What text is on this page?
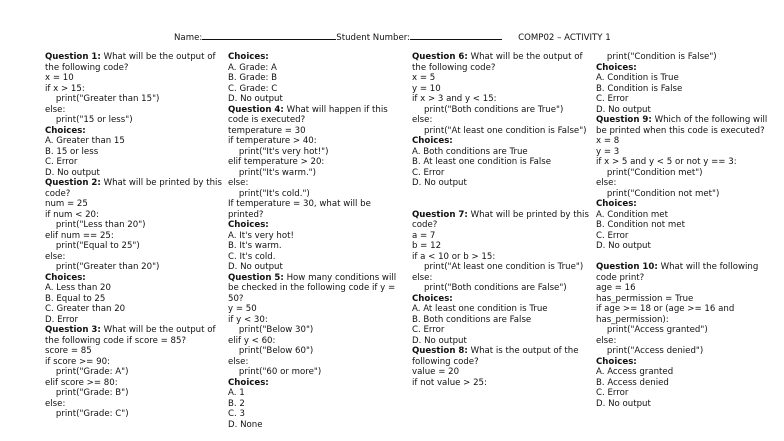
Name:	Student Number:	COMP02 – ACTIVITY 1
Question 1: What will be the output of the following code?
x = 10
if x > 15:
print("Greater than 15")
else:
print("15 or less")
Choices:
A. Greater than 15
B. 15 or less
C. Error
D. No output
Question 2: What will be printed by this code?
num = 25
if num < 20:
print("Less than 20")
elif num == 25:
print("Equal to 25")
else:
print("Greater than 20")
Choices:
A. Less than 20
B. Equal to 25
C. Greater than 20
D. Error
Question 3: What will be the output of the following code if score = 85?
score = 85
if score >= 90:
print("Grade: A")
elif score >= 80:
print("Grade: B")
else:
print("Grade: C")
Choices:
A. Grade: A
B. Grade: B
C. Grade: C
D. No output
Question 4: What will happen if this code is executed?
temperature = 30
if temperature > 40:
print("It's very hot!")
elif temperature > 20:
print("It's warm.")
else:
print("It's cold.")
If temperature = 30, what will be printed?
Choices:
A. It's very hot!
B. It's warm.
C. It's cold.
D. No output
Question 5: How many conditions will be checked in the following code if y = 50?
y = 50
if y < 30:
print("Below 30")
elif y < 60:
print("Below 60")
else:
print("60 or more")
Choices:
A. 1
B. 2
C. 3
D. None
Question 6: What will be the output of the following code?
x = 5
y = 10
if x > 3 and y < 15:
print("Both conditions are True")
else:
print("At least one condition is False")
Choices:
A. Both conditions are True
B. At least one condition is False
C. Error
D. No output
Question 7: What will be printed by this code?
a = 7
b = 12
if a < 10 or b > 15:
print("At least one condition is True")
else:
print("Both conditions are False")
Choices:
A. At least one condition is True
B. Both conditions are False
C. Error
D. No output
Question 8: What is the output of the following code?
value = 20
if not value > 25:
print("Condition is False")
Choices:
A. Condition is True
B. Condition is False
C. Error
D. No output
Question 9: Which of the following will be printed when this code is executed?
x = 8
y = 3
if x > 5 and y < 5 or not y == 3:
print("Condition met")
else:
print("Condition not met")
Choices:
A. Condition met
B. Condition not met
C. Error
D. No output
Question 10: What will the following code print?
age = 16
has_permission = True
if age >= 18 or (age >= 16 and has_permission):
print("Access granted")
else:
print("Access denied")
Choices:
A. Access granted
B. Access denied
C. Error
D. No output
